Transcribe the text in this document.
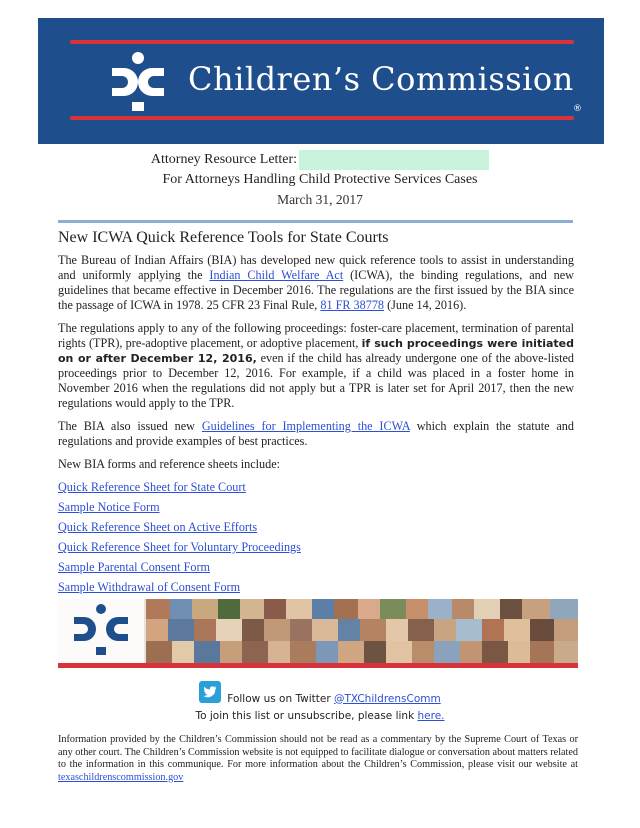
Children’s Commission
®
Attorney Resource Letter:
For Attorneys Handling Child Protective Services Cases
March 31, 2017
New ICWA Quick Reference Tools for State Courts

The Bureau of Indian Affairs (BIA) has developed new quick reference tools to assist in understanding and uniformly applying the Indian Child Welfare Act (ICWA), the binding regulations, and new guidelines that became effective in December 2016. The regulations are the first issued by the BIA since the passage of ICWA in 1978. 25 CFR 23 Final Rule, 81 FR 38778 (June 14, 2016).

The regulations apply to any of the following proceedings: foster-care placement, termination of parental rights (TPR), pre-adoptive placement, or adoptive placement, if such proceedings were initiated on or after December 12, 2016, even if the child has already undergone one of the above-listed proceedings prior to December 12, 2016. For example, if a child was placed in a foster home in November 2016 when the regulations did not apply but a TPR is later set for April 2017, then the new regulations would apply to the TPR.

The BIA also issued new Guidelines for Implementing the ICWA which explain the statute and regulations and provide examples of best practices.

New BIA forms and reference sheets include:

Quick Reference Sheet for State Court
Sample Notice Form
Quick Reference Sheet on Active Efforts
Quick Reference Sheet for Voluntary Proceedings
Sample Parental Consent Form
Sample Withdrawal of Consent Form

Follow us on Twitter @TXChildrensComm
To join this list or unsubscribe, please link here.
Information provided by the Children’s Commission should not be read as a commentary by the Supreme Court of Texas or any other court. The Children’s Commission website is not equipped to facilitate dialogue or conversation about matters related to the information in this communique. For more information about the Children’s Commission, please visit our website at texaschildrenscommission.gov
